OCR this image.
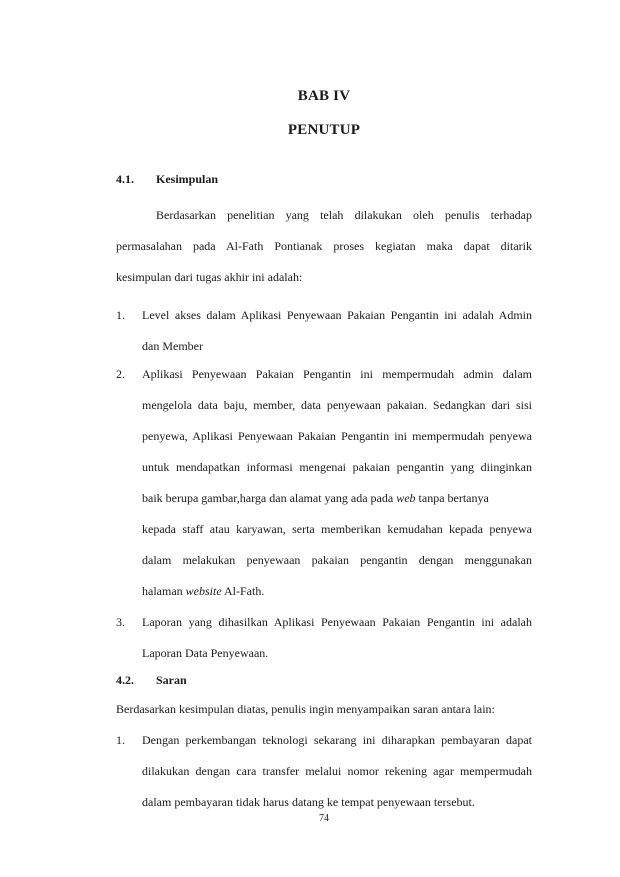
BAB IV
PENUTUP
4.1. Kesimpulan
Berdasarkan penelitian yang telah dilakukan oleh penulis terhadap
permasalahan pada Al-Fath Pontianak proses kegiatan maka dapat ditarik
kesimpulan dari tugas akhir ini adalah:
1. Level akses dalam Aplikasi Penyewaan Pakaian Pengantin ini adalah Admin
dan Member
2. Aplikasi Penyewaan Pakaian Pengantin ini mempermudah admin dalam
mengelola data baju, member, data penyewaan pakaian. Sedangkan dari sisi
penyewa, Aplikasi Penyewaan Pakaian Pengantin ini mempermudah penyewa
untuk mendapatkan informasi mengenai pakaian pengantin yang diinginkan
baik berupa gambar,harga dan alamat yang ada pada web tanpa bertanya
kepada staff atau karyawan, serta memberikan kemudahan kepada penyewa
dalam melakukan penyewaan pakaian pengantin dengan menggunakan
halaman website Al-Fath.
3. Laporan yang dihasilkan Aplikasi Penyewaan Pakaian Pengantin ini adalah
Laporan Data Penyewaan.
4.2. Saran
Berdasarkan kesimpulan diatas, penulis ingin menyampaikan saran antara lain:
1. Dengan perkembangan teknologi sekarang ini diharapkan pembayaran dapat
dilakukan dengan cara transfer melalui nomor rekening agar mempermudah
dalam pembayaran tidak harus datang ke tempat penyewaan tersebut.
74
